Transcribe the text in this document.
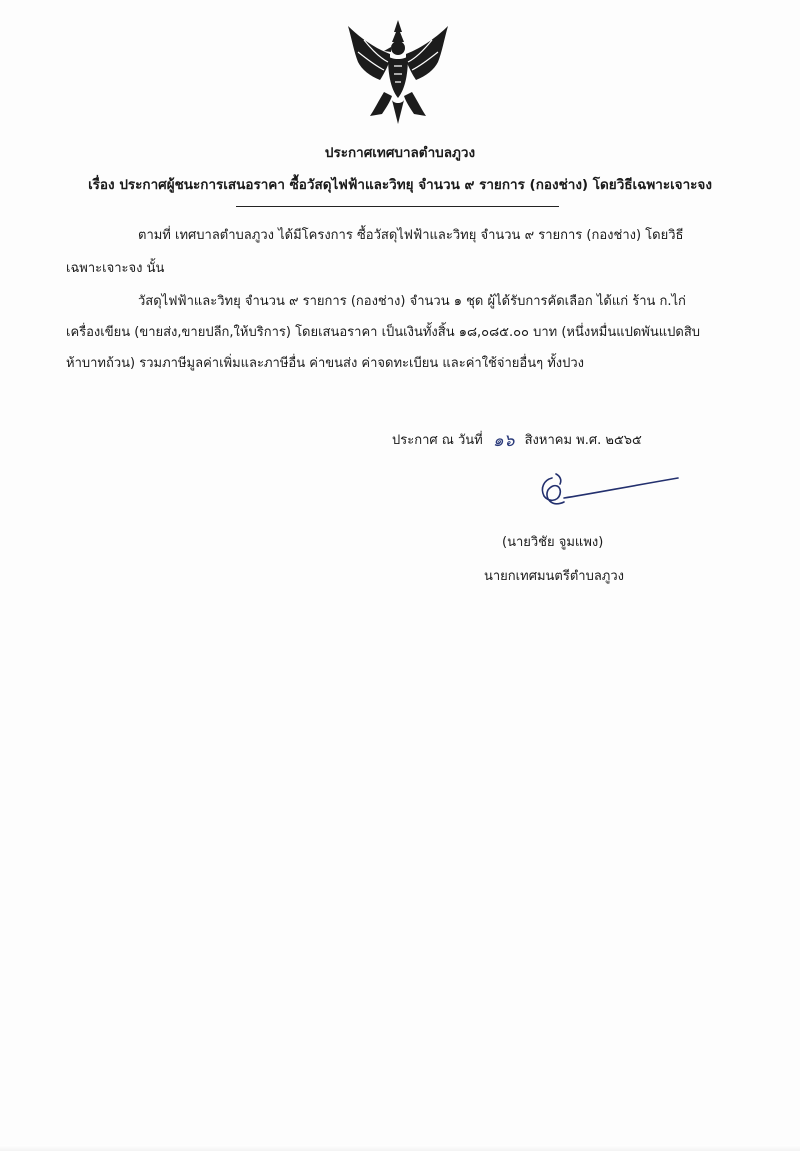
ประกาศเทศบาลตำบลภูวง
เรื่อง ประกาศผู้ชนะการเสนอราคา ซื้อวัสดุไฟฟ้าและวิทยุ จำนวน ๙ รายการ (กองช่าง) โดยวิธีเฉพาะเจาะจง
ตามที่ เทศบาลตำบลภูวง ได้มีโครงการ ซื้อวัสดุไฟฟ้าและวิทยุ จำนวน ๙ รายการ (กองช่าง) โดยวิธี
เฉพาะเจาะจง นั้น
วัสดุไฟฟ้าและวิทยุ จำนวน ๙ รายการ (กองช่าง) จำนวน ๑ ชุด ผู้ได้รับการคัดเลือก ได้แก่ ร้าน ก.ไก่
เครื่องเขียน (ขายส่ง,ขายปลีก,ให้บริการ) โดยเสนอราคา เป็นเงินทั้งสิ้น ๑๘,๐๘๕.๐๐ บาท (หนึ่งหมื่นแปดพันแปดสิบ
ห้าบาทถ้วน) รวมภาษีมูลค่าเพิ่มและภาษีอื่น ค่าขนส่ง ค่าจดทะเบียน และค่าใช้จ่ายอื่นๆ ทั้งปวง
ประกาศ ณ วันที่ ๑๖ สิงหาคม พ.ศ. ๒๕๖๕
(นายวิชัย จูมแพง)
นายกเทศมนตรีตำบลภูวง
